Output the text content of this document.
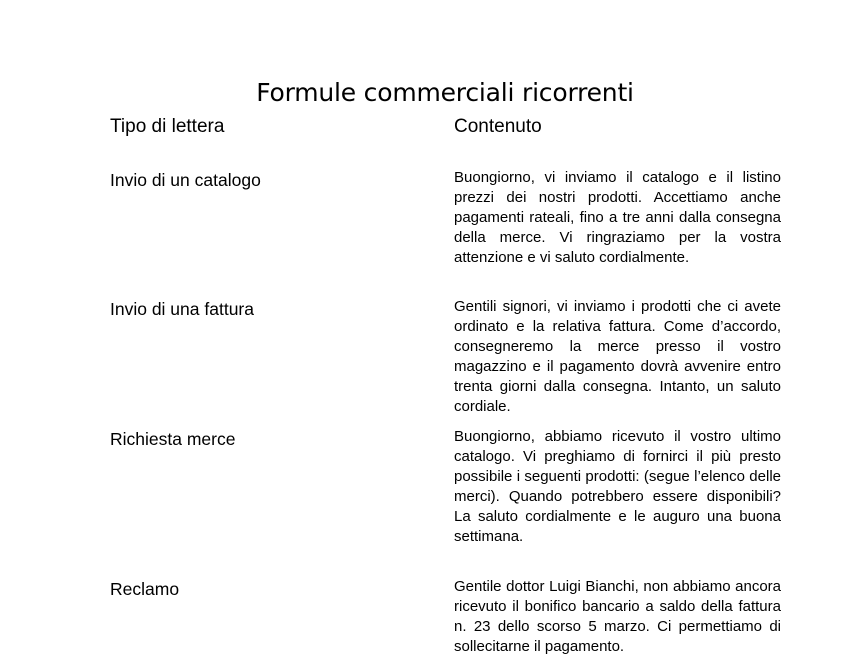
Formule commerciali ricorrenti
Tipo di lettera	Contenuto
Invio di un catalogo	Buongiorno, vi inviamo il catalogo e il listino prezzi dei nostri prodotti. Accettiamo anche pagamenti rateali, fino a tre anni dalla consegna della merce. Vi ringraziamo per la vostra attenzione e vi saluto cordialmente.
Invio di una fattura	Gentili signori, vi inviamo i prodotti che ci avete ordinato e la relativa fattura. Come d’accordo, consegneremo la merce presso il vostro magazzino e il pagamento dovrà avvenire entro trenta giorni dalla consegna. Intanto, un saluto cordiale.
Richiesta merce	Buongiorno, abbiamo ricevuto il vostro ultimo catalogo. Vi preghiamo di fornirci il più presto possibile i seguenti prodotti: (segue l’elenco delle merci). Quando potrebbero essere disponibili? La saluto cordialmente e le auguro una buona settimana.
Reclamo	Gentile dottor Luigi Bianchi, non abbiamo ancora ricevuto il bonifico bancario a saldo della fattura n. 23 dello scorso 5 marzo. Ci permettiamo di sollecitarne il pagamento.
